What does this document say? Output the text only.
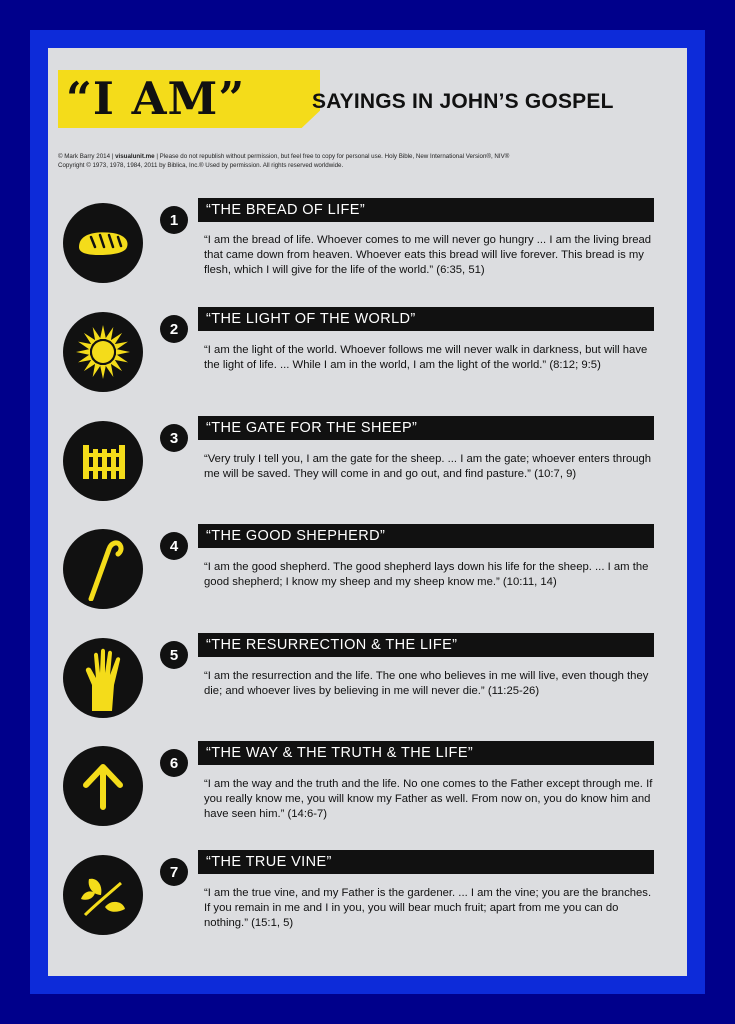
“I AM”	SAYINGS IN JOHN’S GOSPEL
© Mark Barry 2014 | visualunit.me | Please do not republish without permission, but feel free to copy for personal use. Holy Bible, New International Version®, NIV®
Copyright © 1973, 1978, 1984, 2011 by Biblica, Inc.® Used by permission. All rights reserved worldwide.
1
“THE BREAD OF LIFE”
“I am the bread of life. Whoever comes to me will never go hungry ... I am the living bread that came down from heaven. Whoever eats this bread will live forever. This bread is my flesh, which I will give for the life of the world.” (6:35, 51)
2
“THE LIGHT OF THE WORLD”
“I am the light of the world. Whoever follows me will never walk in darkness, but will have the light of life. ... While I am in the world, I am the light of the world.” (8:12; 9:5)
3
“THE GATE FOR THE SHEEP”
“Very truly I tell you, I am the gate for the sheep. ... I am the gate; whoever enters through me will be saved. They will come in and go out, and find pasture.” (10:7, 9)
4
“THE GOOD SHEPHERD”
“I am the good shepherd. The good shepherd lays down his life for the sheep. ... I am the good shepherd; I know my sheep and my sheep know me.” (10:11, 14)
5
“THE RESURRECTION & THE LIFE”
“I am the resurrection and the life. The one who believes in me will live, even though they die; and whoever lives by believing in me will never die.” (11:25-26)
6
“THE WAY & THE TRUTH & THE LIFE”
“I am the way and the truth and the life. No one comes to the Father except through me. If you really know me, you will know my Father as well. From now on, you do know him and have seen him.” (14:6-7)
7
“THE TRUE VINE”
“I am the true vine, and my Father is the gardener. ... I am the vine; you are the branches. If you remain in me and I in you, you will bear much fruit; apart from me you can do nothing.” (15:1, 5)
